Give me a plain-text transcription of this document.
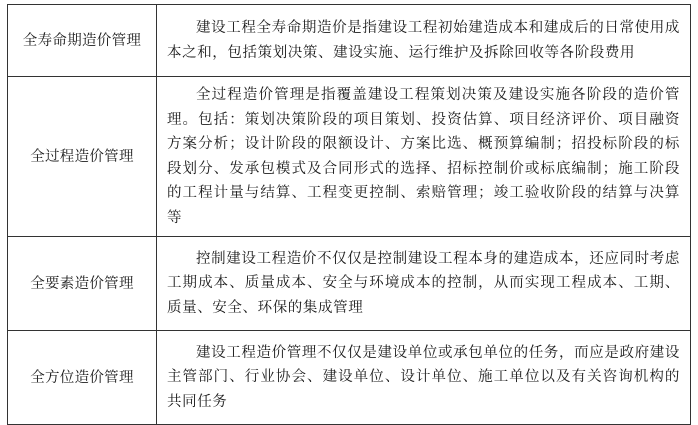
全寿命期造价管理	建设工程全寿命期造价是指建设工程初始建造成本和建成后的日常使用成本之和，包括策划决策、建设实施、运行维护及拆除回收等各阶段费用
全过程造价管理	全过程造价管理是指覆盖建设工程策划决策及建设实施各阶段的造价管理。包括：策划决策阶段的项目策划、投资估算、项目经济评价、项目融资方案分析；设计阶段的限额设计、方案比选、概预算编制；招投标阶段的标段划分、发承包模式及合同形式的选择、招标控制价或标底编制；施工阶段的工程计量与结算、工程变更控制、索赔管理；竣工验收阶段的结算与决算等
全要素造价管理	控制建设工程造价不仅仅是控制建设工程本身的建造成本，还应同时考虑工期成本、质量成本、安全与环境成本的控制，从而实现工程成本、工期、质量、安全、环保的集成管理
全方位造价管理	建设工程造价管理不仅仅是建设单位或承包单位的任务，而应是政府建设主管部门、行业协会、建设单位、设计单位、施工单位以及有关咨询机构的共同任务
